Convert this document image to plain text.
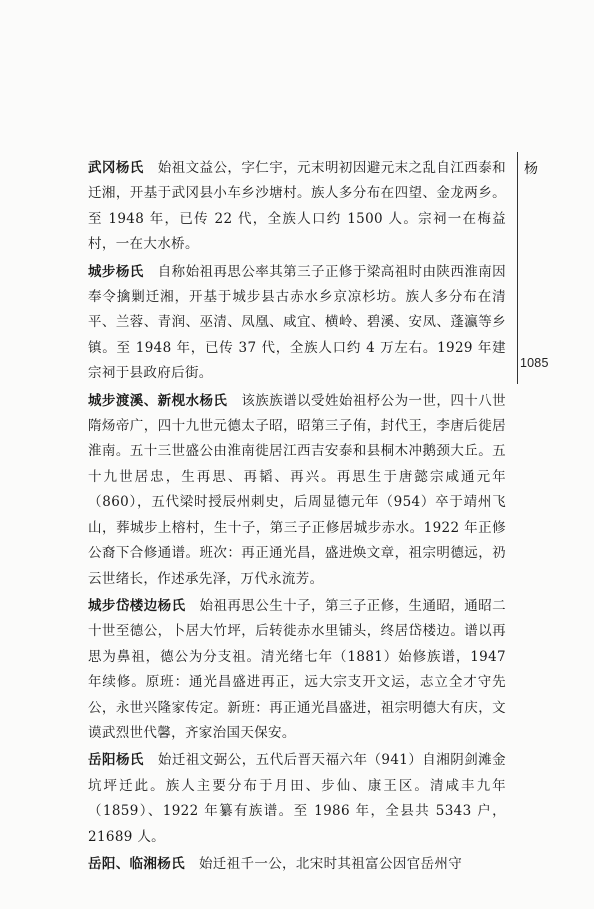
杨
1085

武冈杨氏 始祖文益公，字仁宇，元末明初因避元末之乱自江西泰和迁湘，开基于武冈县小车乡沙塘村。族人多分布在四望、金龙两乡。至 1948 年，已传 22 代，全族人口约 1500 人。宗祠一在梅益村，一在大水桥。

城步杨氏 自称始祖再思公率其第三子正修于梁高祖时由陕西淮南因奉令擒剿迁湘，开基于城步县古赤水乡京凉杉坊。族人多分布在清平、兰蓉、青润、巫清、凤凰、咸宜、横岭、碧溪、安凤、蓬瀛等乡镇。至 1948 年，已传 37 代，全族人口约 4 万左右。1929 年建宗祠于县政府后街。

城步渡溪、新枧水杨氏 该族族谱以受姓始祖杼公为一世，四十八世隋炀帝广，四十九世元德太子昭，昭第三子侑，封代王，李唐后徙居淮南。五十三世盛公由淮南徙居江西吉安泰和县桐木冲鹅颈大丘。五十九世居忠，生再思、再韬、再兴。再思生于唐懿宗咸通元年（860），五代梁时授辰州刺史，后周显德元年（954）卒于靖州飞山，葬城步上榕村，生十子，第三子正修居城步赤水。1922 年正修公裔下合修通谱。班次：再正通光昌，盛进焕文章，祖宗明德远，礽云世绪长，作述承先泽，万代永流芳。

城步岱楼边杨氏 始祖再思公生十子，第三子正修，生通昭，通昭二十世至德公，卜居大竹坪，后转徙赤水里铺头，终居岱楼边。谱以再思为鼻祖，德公为分支祖。清光绪七年（1881）始修族谱，1947 年续修。原班：通光昌盛进再正，远大宗支开文运，志立全才守先公，永世兴隆家传定。新班：再正通光昌盛进，祖宗明德大有庆，文谟武烈世代馨，齐家治国天保安。

岳阳杨氏 始迁祖文弼公，五代后晋天福六年（941）自湘阴剑滩金坑坪迁此。族人主要分布于月田、步仙、康王区。清咸丰九年（1859）、1922 年纂有族谱。至 1986 年，全县共 5343 户，21689 人。

岳阳、临湘杨氏 始迁祖千一公，北宋时其祖富公因官岳州守
